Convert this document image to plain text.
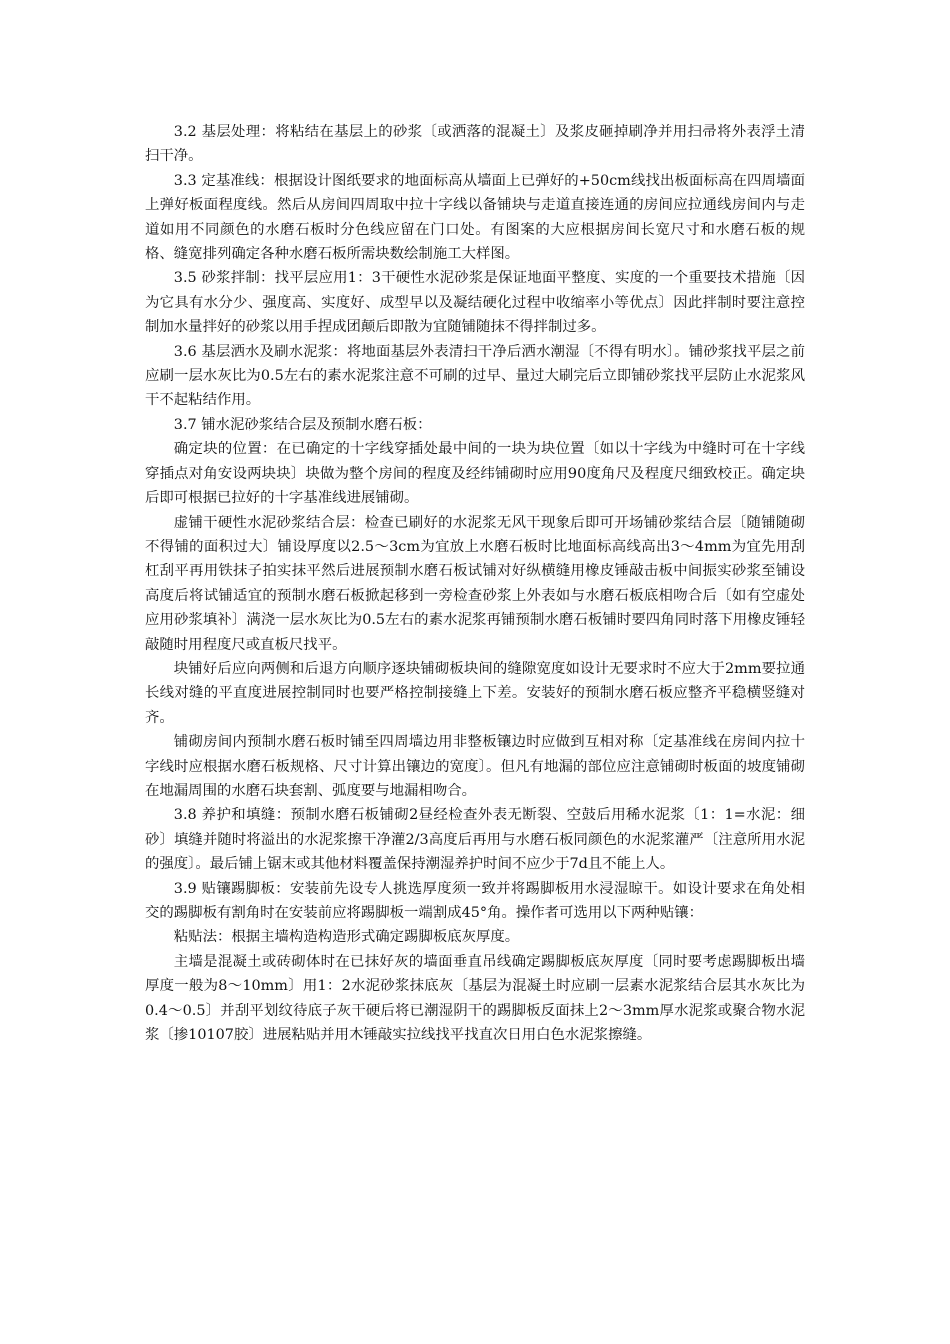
3.2 基层处理：将粘结在基层上的砂浆〔或洒落的混凝土〕及浆皮砸掉刷净并用扫帚将外表浮土清扫干净。

3.3 定基准线：根据设计图纸要求的地面标高从墙面上已弹好的+50cm线找出板面标高在四周墙面上弹好板面程度线。然后从房间四周取中拉十字线以备铺块与走道直接连通的房间应拉通线房间内与走道如用不同颜色的水磨石板时分色线应留在门口处。有图案的大应根据房间长宽尺寸和水磨石板的规格、缝宽排列确定各种水磨石板所需块数绘制施工大样图。

3.5 砂浆拌制：找平层应用1：3干硬性水泥砂浆是保证地面平整度、实度的一个重要技术措施〔因为它具有水分少、强度高、实度好、成型早以及凝结硬化过程中收缩率小等优点〕因此拌制时要注意控制加水量拌好的砂浆以用手捏成团颠后即散为宜随铺随抹不得拌制过多。

3.6 基层洒水及刷水泥浆：将地面基层外表清扫干净后洒水潮湿〔不得有明水〕。铺砂浆找平层之前应刷一层水灰比为0.5左右的素水泥浆注意不可刷的过早、量过大刷完后立即铺砂浆找平层防止水泥浆风干不起粘结作用。

3.7 铺水泥砂浆结合层及预制水磨石板：

确定块的位置：在已确定的十字线穿插处最中间的一块为块位置〔如以十字线为中缝时可在十字线穿插点对角安设两块块〕块做为整个房间的程度及经纬铺砌时应用90度角尺及程度尺细致校正。确定块后即可根据已拉好的十字基准线进展铺砌。

虚铺干硬性水泥砂浆结合层：检查已刷好的水泥浆无风干现象后即可开场铺砂浆结合层〔随铺随砌不得铺的面积过大〕铺设厚度以2.5～3cm为宜放上水磨石板时比地面标高线高出3～4mm为宜先用刮杠刮平再用铁抹子拍实抹平然后进展预制水磨石板试铺对好纵横缝用橡皮锤敲击板中间振实砂浆至铺设高度后将试铺适宜的预制水磨石板掀起移到一旁检查砂浆上外表如与水磨石板底相吻合后〔如有空虚处应用砂浆填补〕满浇一层水灰比为0.5左右的素水泥浆再铺预制水磨石板铺时要四角同时落下用橡皮锤轻敲随时用程度尺或直板尺找平。

块铺好后应向两侧和后退方向顺序逐块铺砌板块间的缝隙宽度如设计无要求时不应大于2mm要拉通长线对缝的平直度进展控制同时也要严格控制接缝上下差。安装好的预制水磨石板应整齐平稳横竖缝对齐。

铺砌房间内预制水磨石板时铺至四周墙边用非整板镶边时应做到互相对称〔定基准线在房间内拉十字线时应根据水磨石板规格、尺寸计算出镶边的宽度〕。但凡有地漏的部位应注意铺砌时板面的坡度铺砌在地漏周围的水磨石块套割、弧度要与地漏相吻合。

3.8 养护和填缝：预制水磨石板铺砌2昼经检查外表无断裂、空鼓后用稀水泥浆〔1：1=水泥：细砂〕填缝并随时将溢出的水泥浆擦干净灌2/3高度后再用与水磨石板同颜色的水泥浆灌严〔注意所用水泥的强度〕。最后铺上锯末或其他材料覆盖保持潮湿养护时间不应少于7d且不能上人。

3.9 贴镶踢脚板：安装前先设专人挑选厚度须一致并将踢脚板用水浸湿晾干。如设计要求在角处相交的踢脚板有割角时在安装前应将踢脚板一端割成45°角。操作者可选用以下两种贴镶：

粘贴法：根据主墙构造构造形式确定踢脚板底灰厚度。

主墙是混凝土或砖砌体时在已抹好灰的墙面垂直吊线确定踢脚板底灰厚度〔同时要考虑踢脚板出墙厚度一般为8～10mm〕用1：2水泥砂浆抹底灰〔基层为混凝土时应刷一层素水泥浆结合层其水灰比为0.4～0.5〕并刮平划纹待底子灰干硬后将已潮湿阴干的踢脚板反面抹上2～3mm厚水泥浆或聚合物水泥浆〔掺10107胶〕进展粘贴并用木锤敲实拉线找平找直次日用白色水泥浆擦缝。
